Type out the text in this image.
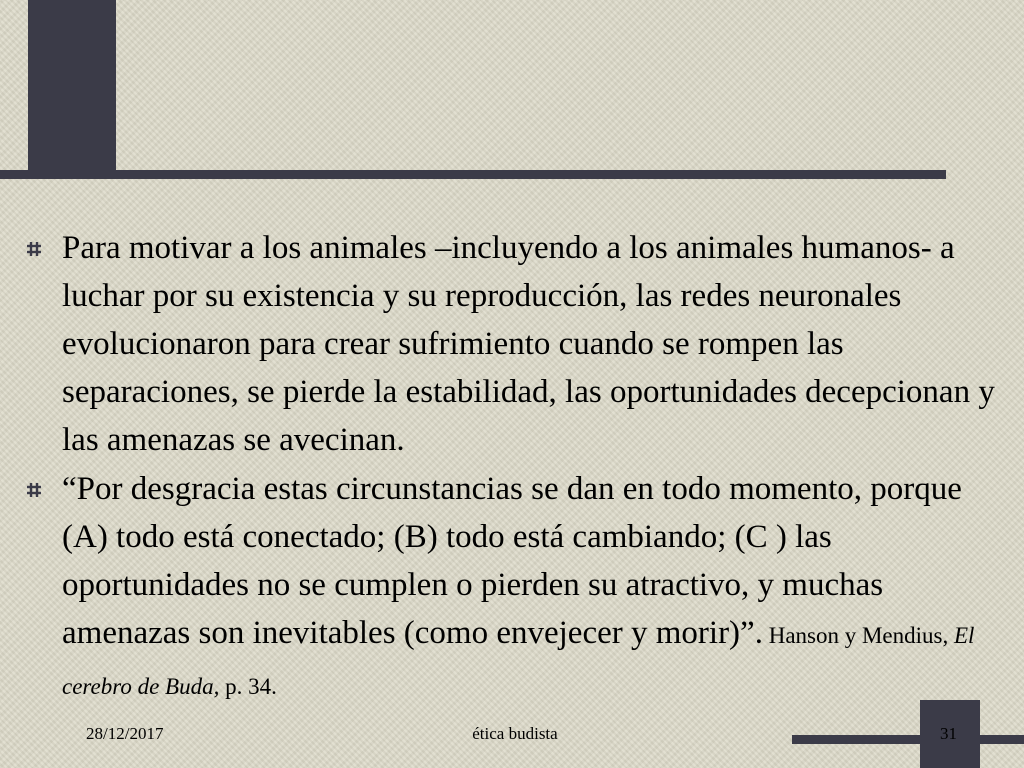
Para motivar a los animales –incluyendo a los animales humanos- a luchar por su existencia y su reproducción, las redes neuronales evolucionaron para crear sufrimiento cuando se rompen las separaciones, se pierde la estabilidad, las oportunidades decepcionan y las amenazas se avecinan.

“Por desgracia estas circunstancias se dan en todo momento, porque (A) todo está conectado; (B) todo está cambiando; (C ) las oportunidades no se cumplen o pierden su atractivo, y muchas amenazas son inevitables (como envejecer y morir)”. Hanson y Mendius, El cerebro de Buda, p. 34.

28/12/2017	ética budista	31
